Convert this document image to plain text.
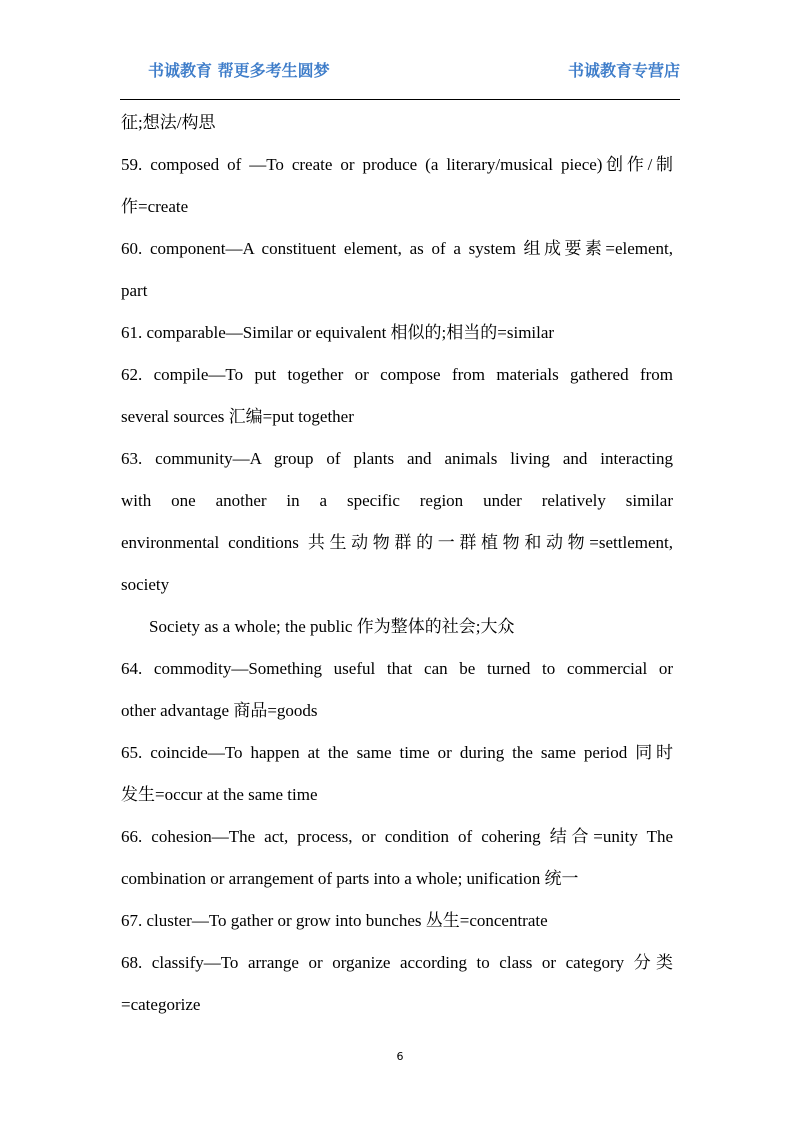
书诚教育 帮更多考生圆梦	书诚教育专营店
征;想法/构思
59. composed of —To create or produce (a literary/musical piece)创作/制
作=create
60. component—A constituent element, as of a system 组成要素=element,
part
61. comparable—Similar or equivalent 相似的;相当的=similar
62. compile—To put together or compose from materials gathered from
several sources 汇编=put together
63. community—A group of plants and animals living and interacting
with one another in a specific region under relatively similar
environmental conditions 共生动物群的一群植物和动物=settlement,
society
Society as a whole; the public 作为整体的社会;大众
64. commodity—Something useful that can be turned to commercial or
other advantage 商品=goods
65. coincide—To happen at the same time or during the same period 同时
发生=occur at the same time
66. cohesion—The act, process, or condition of cohering 结合=unity The
combination or arrangement of parts into a whole; unification 统一
67. cluster—To gather or grow into bunches 丛生=concentrate
68. classify—To arrange or organize according to class or category 分类
=categorize
6
